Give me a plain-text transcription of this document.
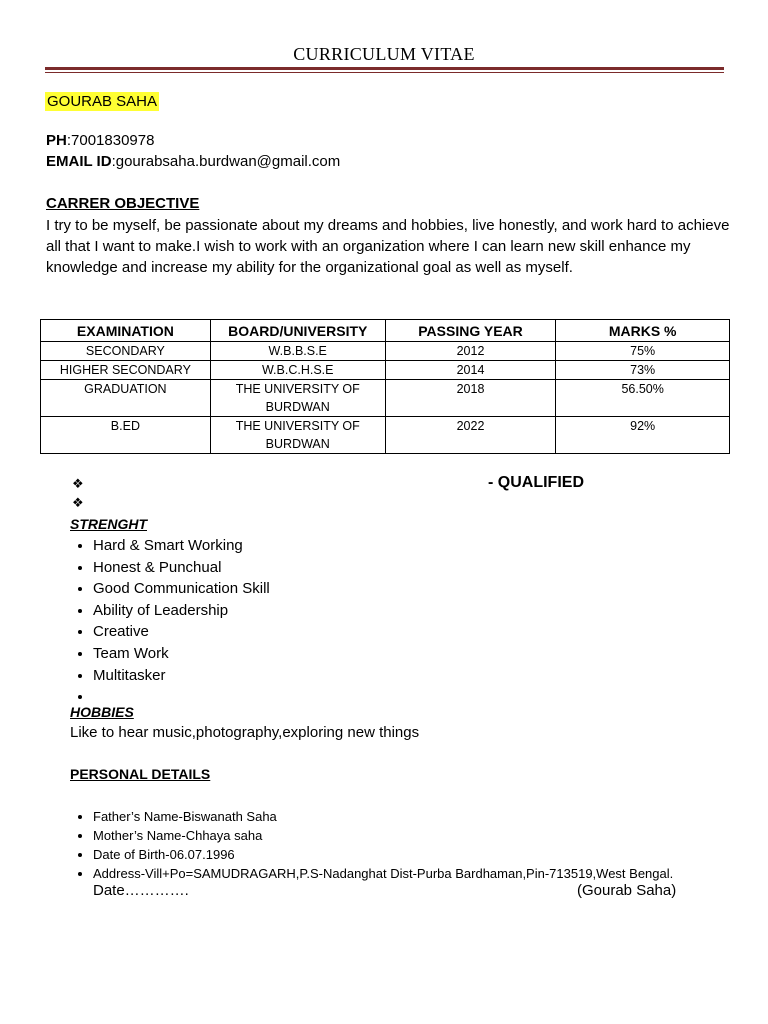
CURRICULUM VITAE
GOURAB SAHA
PH:7001830978
EMAIL ID:gourabsaha.burdwan@gmail.com
CARRER OBJECTIVE
I try to be myself, be passionate about my dreams and hobbies, live honestly, and work hard to achieve all that I want to make.I wish to work with an organization where I can learn new skill enhance my knowledge and increase my ability for the organizational goal as well as myself.
EXAMINATION	BOARD/UNIVERSITY	PASSING YEAR	MARKS %
SECONDARY	W.B.B.S.E	2012	75%
HIGHER SECONDARY	W.B.C.H.S.E	2014	73%
GRADUATION	THE UNIVERSITY OF BURDWAN	2018	56.50%
B.ED	THE UNIVERSITY OF BURDWAN	2022	92%
❖	- QUALIFIED
❖
STRENGHT
• Hard & Smart Working
• Honest & Punchual
• Good Communication Skill
• Ability of Leadership
• Creative
• Team Work
• Multitasker
•
HOBBIES
Like to hear music,photography,exploring new things
PERSONAL DETAILS
• Father’s Name-Biswanath Saha
• Mother’s Name-Chhaya saha
• Date of Birth-06.07.1996
• Address-Vill+Po=SAMUDRAGARH,P.S-Nadanghat Dist-Purba Bardhaman,Pin-713519,West Bengal.
Date………….	(Gourab Saha)
